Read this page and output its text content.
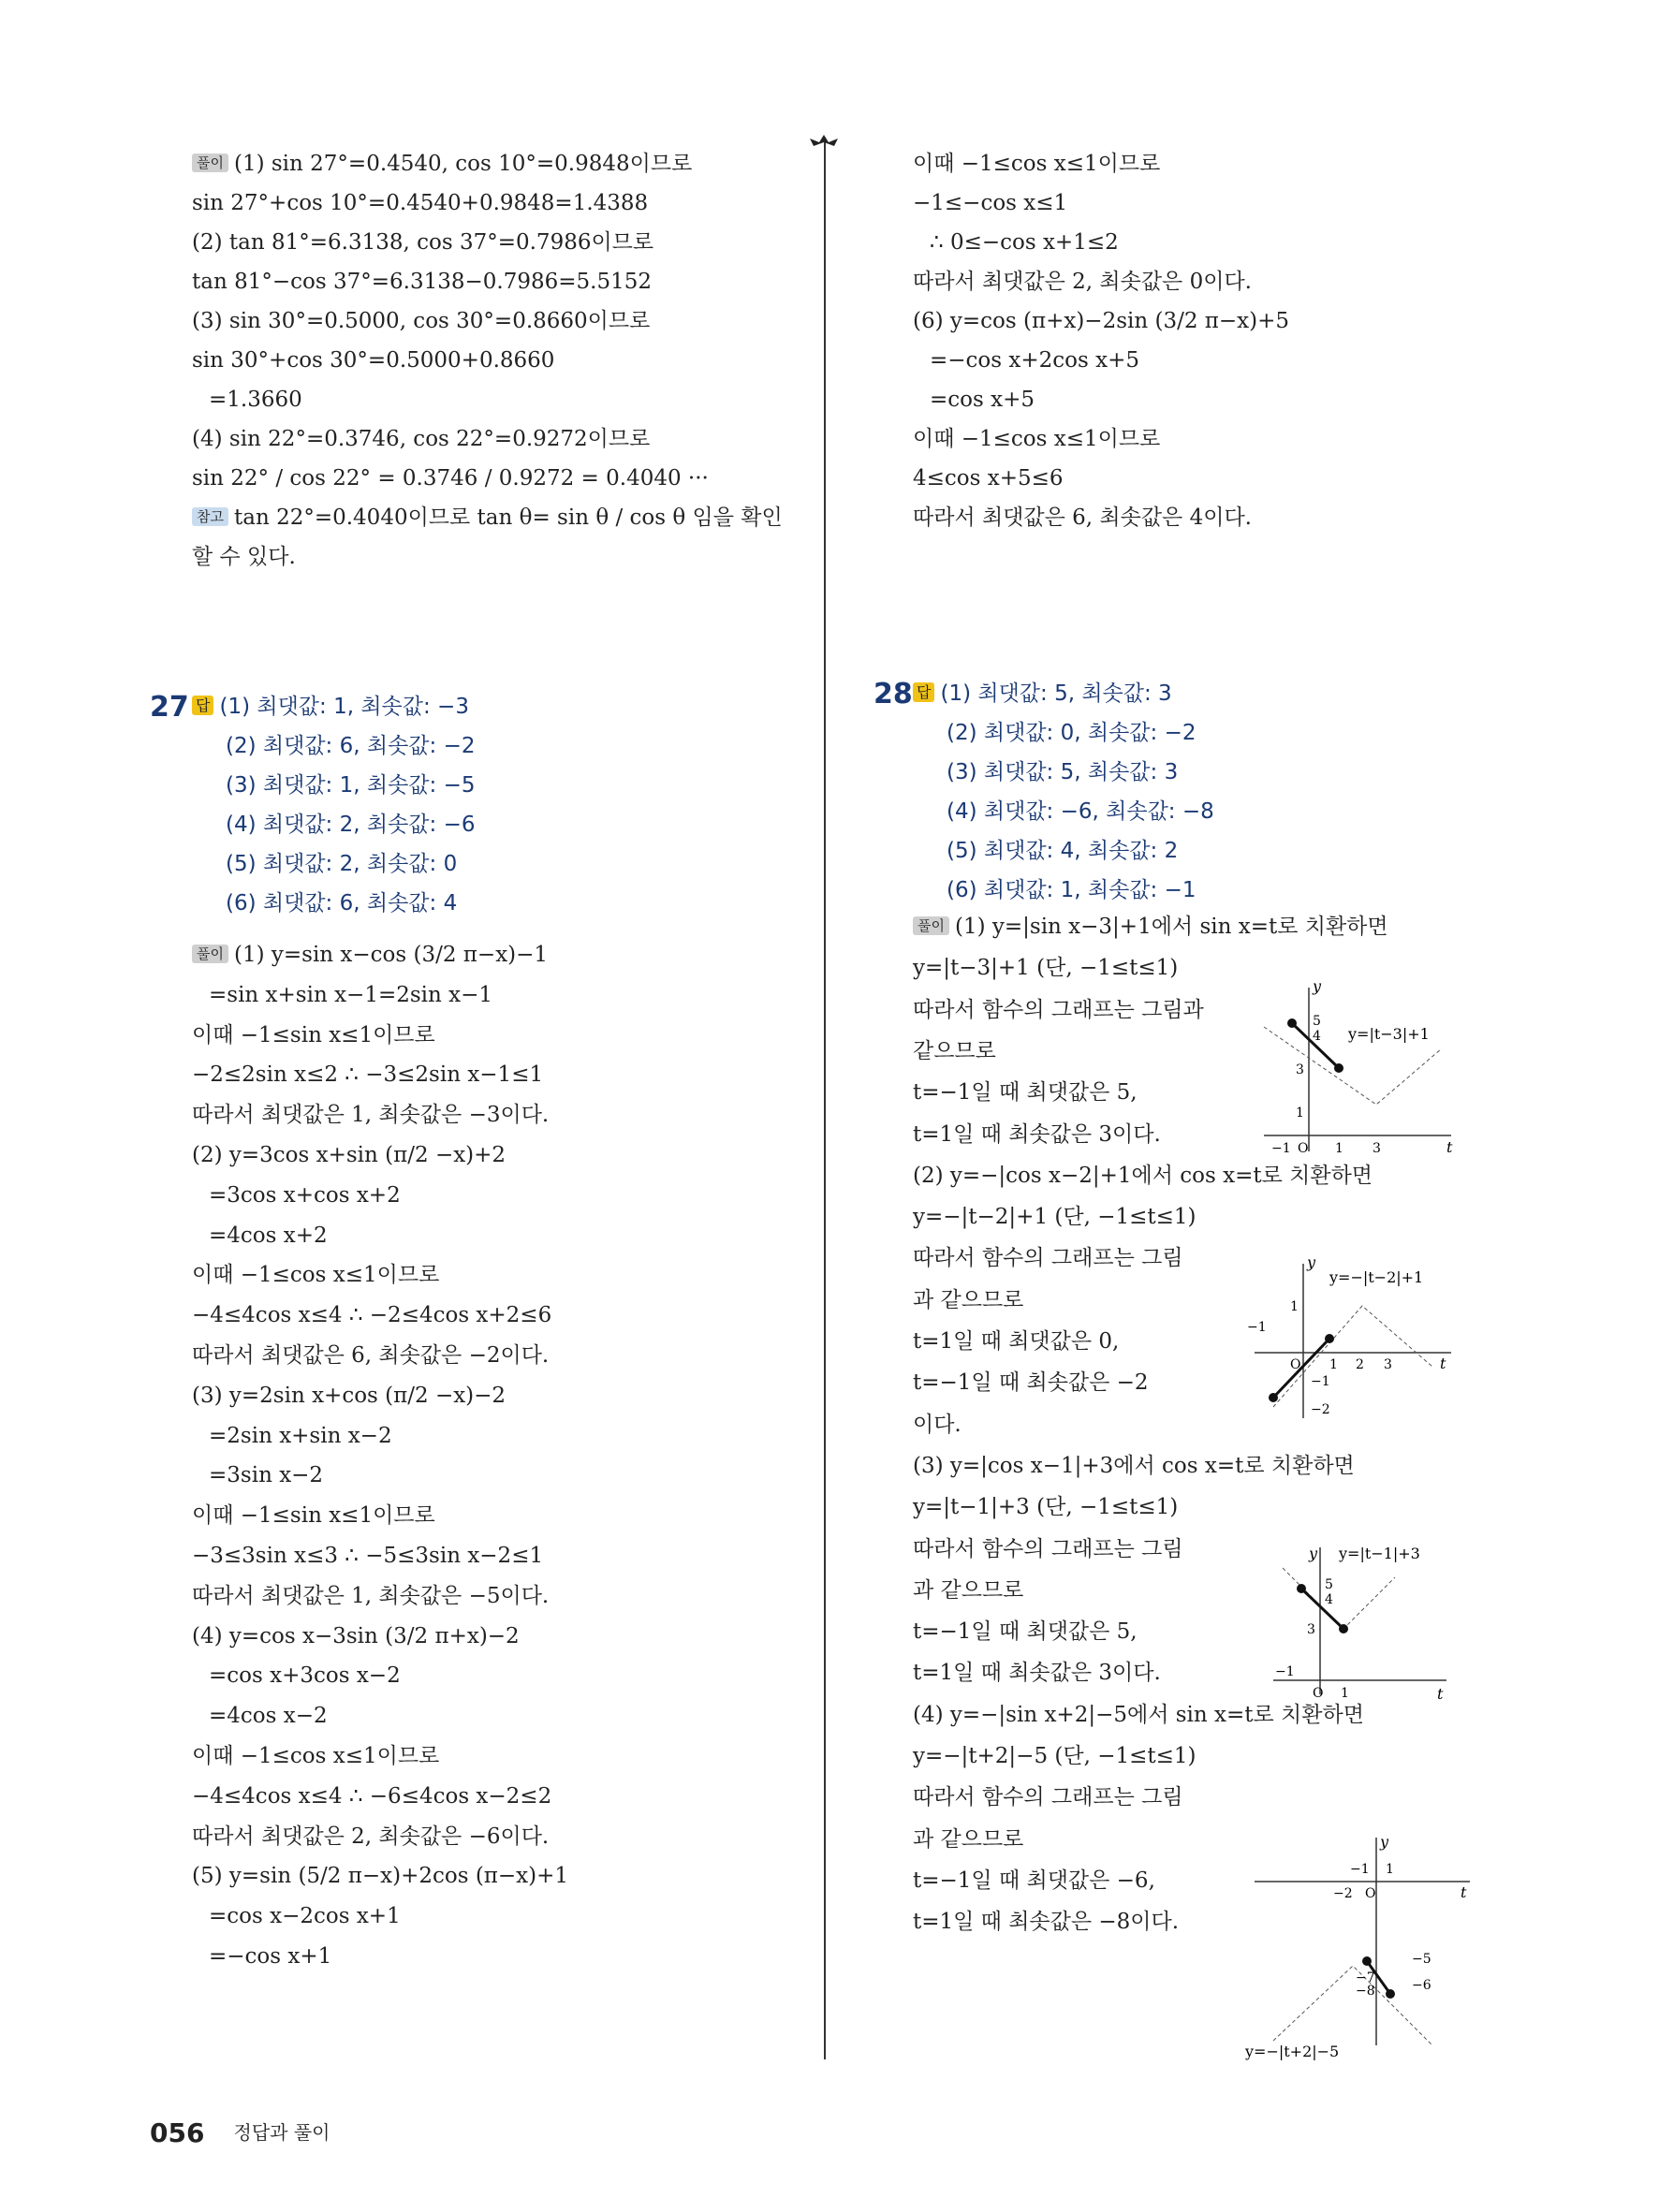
풀이 (1) sin 27°=0.4540, cos 10°=0.9848이므로
sin 27°+cos 10°=0.4540+0.9848=1.4388
(2) tan 81°=6.3138, cos 37°=0.7986이므로
tan 81°−cos 37°=6.3138−0.7986=5.5152
(3) sin 30°=0.5000, cos 30°=0.8660이므로
sin 30°+cos 30°=0.5000+0.8660
=1.3660
(4) sin 22°=0.3746, cos 22°=0.9272이므로
sin 22° / cos 22° = 0.3746 / 0.9272 = 0.4040 ···
참고 tan 22°=0.4040이므로 tan θ= sin θ / cos θ 임을 확인
할 수 있다.
27 답 (1) 최댓값: 1, 최솟값: −3
(2) 최댓값: 6, 최솟값: −2
(3) 최댓값: 1, 최솟값: −5
(4) 최댓값: 2, 최솟값: −6
(5) 최댓값: 2, 최솟값: 0
(6) 최댓값: 6, 최솟값: 4
풀이 (1) y=sin x−cos (3/2 π−x)−1
=sin x+sin x−1=2sin x−1
이때 −1≤sin x≤1이므로
−2≤2sin x≤2 ∴ −3≤2sin x−1≤1
따라서 최댓값은 1, 최솟값은 −3이다.
(2) y=3cos x+sin (π/2 −x)+2
=3cos x+cos x+2
=4cos x+2
이때 −1≤cos x≤1이므로
−4≤4cos x≤4 ∴ −2≤4cos x+2≤6
따라서 최댓값은 6, 최솟값은 −2이다.
(3) y=2sin x+cos (π/2 −x)−2
=2sin x+sin x−2
=3sin x−2
이때 −1≤sin x≤1이므로
−3≤3sin x≤3 ∴ −5≤3sin x−2≤1
따라서 최댓값은 1, 최솟값은 −5이다.
(4) y=cos x−3sin (3/2 π+x)−2
=cos x+3cos x−2
=4cos x−2
이때 −1≤cos x≤1이므로
−4≤4cos x≤4 ∴ −6≤4cos x−2≤2
따라서 최댓값은 2, 최솟값은 −6이다.
(5) y=sin (5/2 π−x)+2cos (π−x)+1
=cos x−2cos x+1
=−cos x+1
이때 −1≤cos x≤1이므로
−1≤−cos x≤1
∴ 0≤−cos x+1≤2
따라서 최댓값은 2, 최솟값은 0이다.
(6) y=cos (π+x)−2sin (3/2 π−x)+5
=−cos x+2cos x+5
=cos x+5
이때 −1≤cos x≤1이므로
4≤cos x+5≤6
따라서 최댓값은 6, 최솟값은 4이다.
28 답 (1) 최댓값: 5, 최솟값: 3
(2) 최댓값: 0, 최솟값: −2
(3) 최댓값: 5, 최솟값: 3
(4) 최댓값: −6, 최솟값: −8
(5) 최댓값: 4, 최솟값: 2
(6) 최댓값: 1, 최솟값: −1
풀이 (1) y=|sin x−3|+1에서 sin x=t로 치환하면
y=|t−3|+1 (단, −1≤t≤1)
따라서 함수의 그래프는 그림과
같으므로
t=−1일 때 최댓값은 5,
t=1일 때 최솟값은 3이다.
(2) y=−|cos x−2|+1에서 cos x=t로 치환하면
y=−|t−2|+1 (단, −1≤t≤1)
따라서 함수의 그래프는 그림
과 같으므로
t=1일 때 최댓값은 0,
t=−1일 때 최솟값은 −2
이다.
(3) y=|cos x−1|+3에서 cos x=t로 치환하면
y=|t−1|+3 (단, −1≤t≤1)
따라서 함수의 그래프는 그림
과 같으므로
t=−1일 때 최댓값은 5,
t=1일 때 최솟값은 3이다.
(4) y=−|sin x+2|−5에서 sin x=t로 치환하면
y=−|t+2|−5 (단, −1≤t≤1)
따라서 함수의 그래프는 그림
과 같으므로
t=−1일 때 최댓값은 −6,
t=1일 때 최솟값은 −8이다.
y
t
y=|t−3|+1
5
4
3
1
−1 O 1 3
y
t
y=−|t−2|+1
1
−1
−2
−1
O 1 2 3
y
t
y=|t−1|+3
5
4
3
−1
O 1
y
t
y=−|t+2|−5
−5
−6
−7
−8
−2
−1
O
1
056 정답과 풀이
